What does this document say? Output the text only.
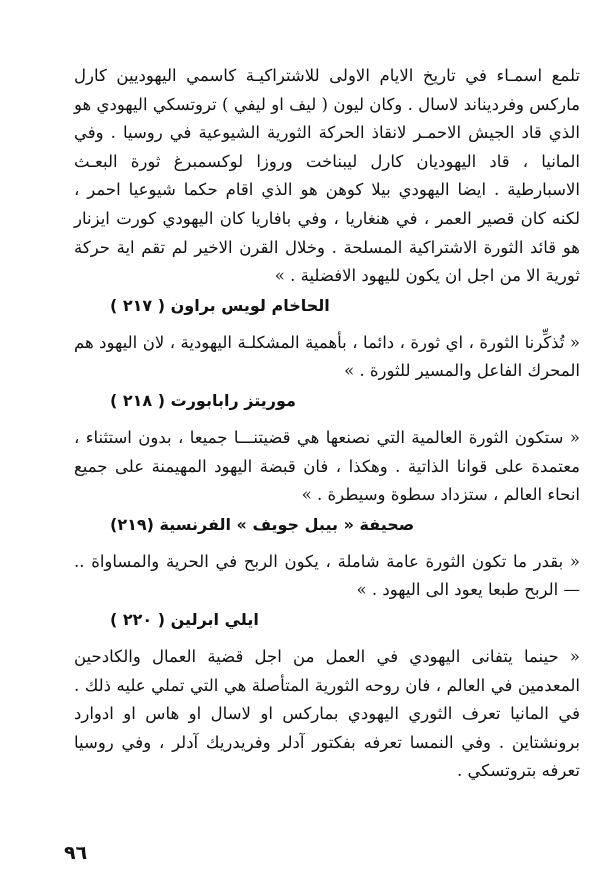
تلمع اسمـاء في تاريخ الايام الاولى للاشتراكيـة كاسمي اليهوديين كارل ماركس وفرديناند لاسال . وكان ليون ( ليف او ليفي ) تروتسكي اليهودي هو الذي قاد الجيش الاحمـر لانقاذ الحركة الثورية الشيوعية في روسيا . وفي المانيا ، قاد اليهوديان كارل ليبناخت وروزا لوكسمبرغ ثورة البعـث الاسبارطية . ايضا اليهودي بيلا كوهن هو الذي اقام حكما شيوعيا احمر ، لكنه كان قصير العمر ، في هنغاريا ، وفي بافاريا كان اليهودي كورت ايزنار هو قائد الثورة الاشتراكية المسلحة . وخلال القرن الاخير لم تقم اية حركة ثورية الا من اجل ان يكون لليهود الافضلية . »

الحاخام لويس براون ( ٢١٧ )

« تُذكِّرنا الثورة ، اي ثورة ، دائما ، بأهمية المشكلـة اليهودية ، لان اليهود هم المحرك الفاعل والمسير للثورة . »

موريتز رابابورت ( ٢١٨ )

« ستكون الثورة العالمية التي نصنعها هي قضيتنـــا جميعا ، بدون استثناء ، معتمدة على قوانا الذاتية . وهكذا ، فان قبضة اليهود المهيمنة على جميع انحاء العالم ، ستزداد سطوة وسيطرة . »

صحيفة « بيبل جويف » الفرنسية (٢١٩)

« بقدر ما تكون الثورة عامة شاملة ، يكون الربح في الحرية والمساواة .. — الربح طبعا يعود الى اليهود . »

ايلي ابرلين ( ٢٢٠ )

« حينما يتفانى اليهودي في العمل من اجل قضية العمال والكادحين المعدمين في العالم ، فان روحه الثورية المتأصلة هي التي تملي عليه ذلك . في المانيا تعرف الثوري اليهودي بماركس او لاسال او هاس او ادوارد برونشتاين . وفي النمسا تعرفه بفكتور آدلر وفريدريك آدلر ، وفي روسيا تعرفه بتروتسكي .

٩٦
